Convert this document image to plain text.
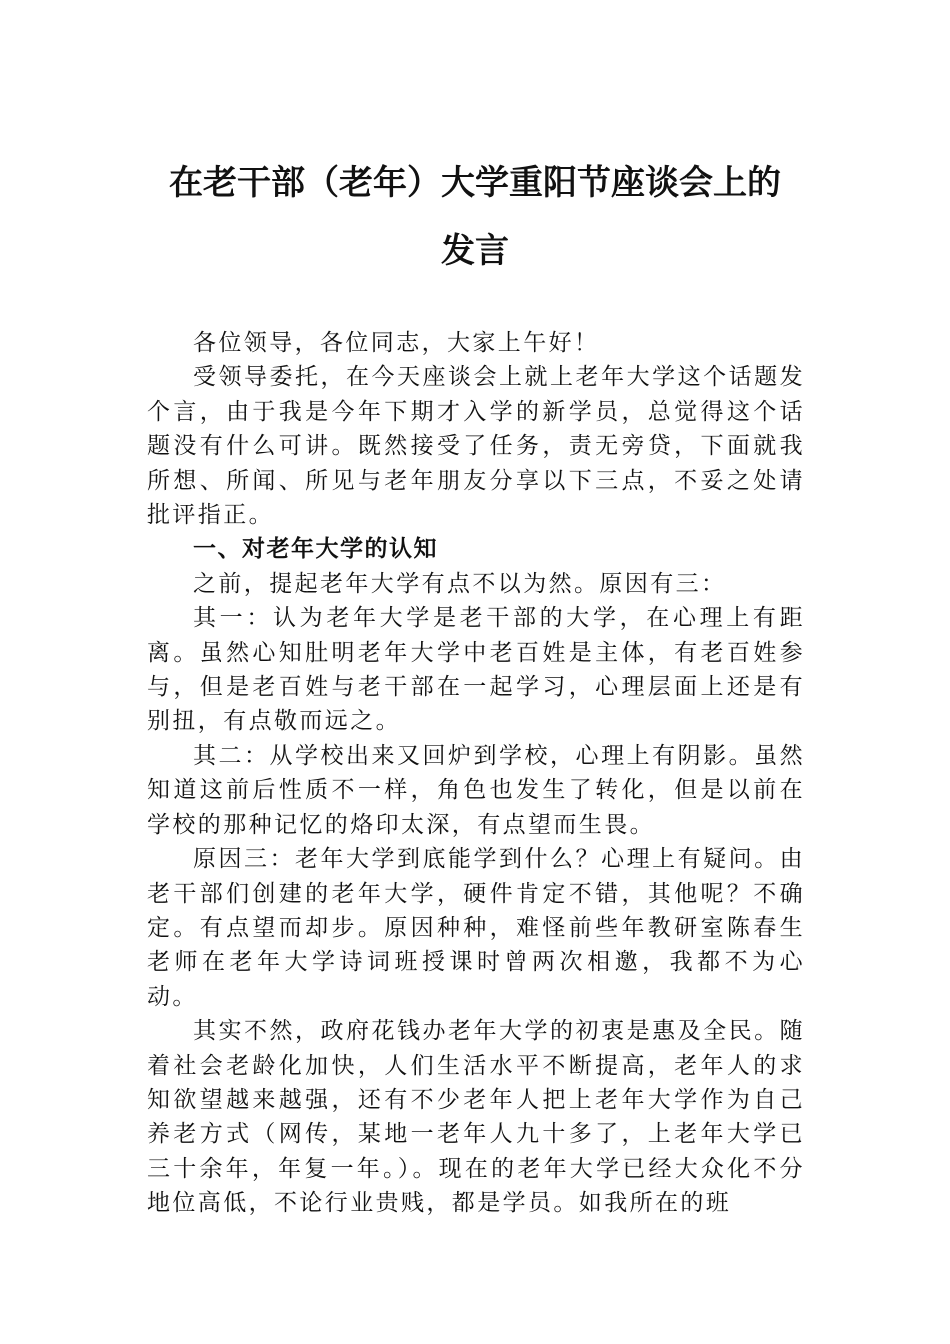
在老干部（老年）大学重阳节座谈会上的
发言

各位领导，各位同志，大家上午好！

受领导委托，在今天座谈会上就上老年大学这个话题发个言，由于我是今年下期才入学的新学员，总觉得这个话题没有什么可讲。既然接受了任务，责无旁贷，下面就我所想、所闻、所见与老年朋友分享以下三点，不妥之处请批评指正。

一、对老年大学的认知

之前，提起老年大学有点不以为然。原因有三：

其一：认为老年大学是老干部的大学，在心理上有距离。虽然心知肚明老年大学中老百姓是主体，有老百姓参与，但是老百姓与老干部在一起学习，心理层面上还是有别扭，有点敬而远之。

其二：从学校出来又回炉到学校，心理上有阴影。虽然知道这前后性质不一样，角色也发生了转化，但是以前在学校的那种记忆的烙印太深，有点望而生畏。

原因三：老年大学到底能学到什么？心理上有疑问。由老干部们创建的老年大学，硬件肯定不错，其他呢？不确定。有点望而却步。原因种种，难怪前些年教研室陈春生老师在老年大学诗词班授课时曾两次相邀，我都不为心动。

其实不然，政府花钱办老年大学的初衷是惠及全民。随着社会老龄化加快，人们生活水平不断提高，老年人的求知欲望越来越强，还有不少老年人把上老年大学作为自己养老方式（网传，某地一老年人九十多了，上老年大学已三十余年，年复一年。）。现在的老年大学已经大众化不分地位高低，不论行业贵贱，都是学员。如我所在的班
